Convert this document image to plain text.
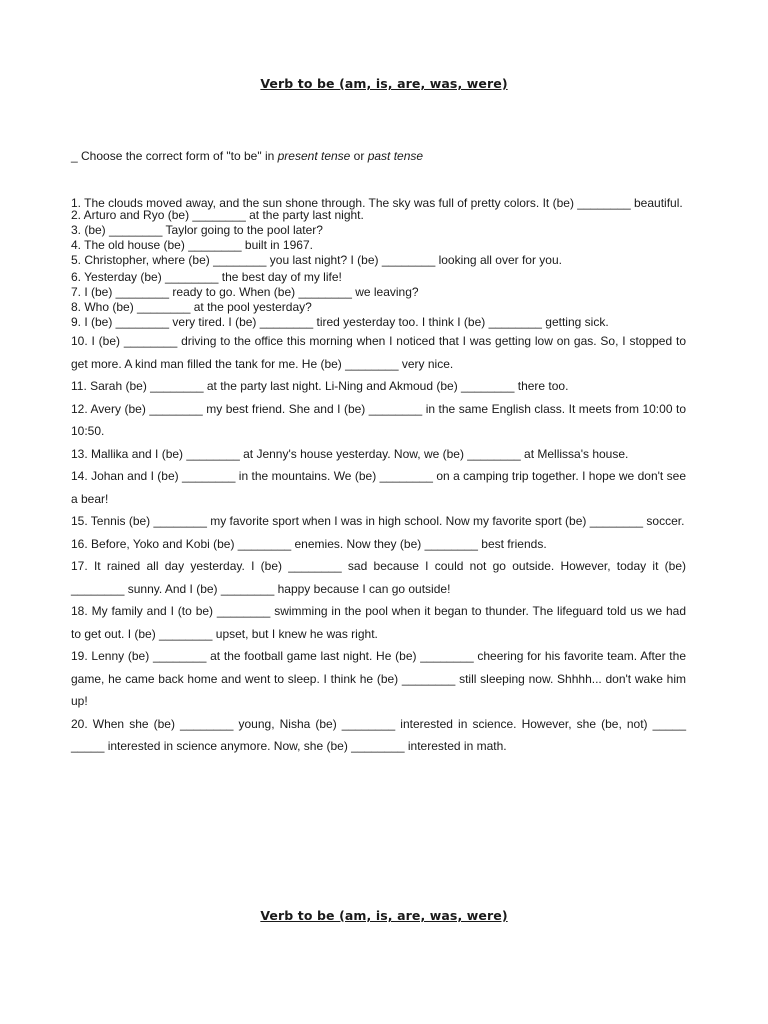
Verb to be (am, is, are, was, were)
_ Choose the correct form of "to be" in present tense or past tense

1. The clouds moved away, and the sun shone through. The sky was full of pretty colors. It (be) ________ beautiful.

2. Arturo and Ryo (be) ________ at the party last night.

3. (be) ________ Taylor going to the pool later?

4. The old house (be) ________ built in 1967.

5. Christopher, where (be) ________ you last night? I (be) ________ looking all over for you.

6. Yesterday (be) ________ the best day of my life!

7. I (be) ________ ready to go. When (be) ________ we leaving?

8. Who (be) ________ at the pool yesterday?

9. I (be) ________ very tired. I (be) ________ tired yesterday too. I think I (be) ________ getting sick.

10. I (be) ________ driving to the office this morning when I noticed that I was getting low on gas. So, I stopped to get more. A kind man filled the tank for me. He (be) ________ very nice.

11. Sarah (be) ________ at the party last night. Li-Ning and Akmoud (be) ________ there too.

12. Avery (be) ________ my best friend. She and I (be) ________ in the same English class. It meets from 10:00 to 10:50.

13. Mallika and I (be) ________ at Jenny's house yesterday. Now, we (be) ________ at Mellissa's house.

14. Johan and I (be) ________ in the mountains. We (be) ________ on a camping trip together. I hope we don't see a bear!

15. Tennis (be) ________ my favorite sport when I was in high school. Now my favorite sport (be) ________ soccer.

16. Before, Yoko and Kobi (be) ________ enemies. Now they (be) ________ best friends.

17. It rained all day yesterday. I (be) ________ sad because I could not go outside. However, today it (be) ________ sunny. And I (be) ________ happy because I can go outside!

18. My family and I (to be) ________ swimming in the pool when it began to thunder. The lifeguard told us we had to get out. I (be) ________ upset, but I knew he was right.

19. Lenny (be) ________ at the football game last night. He (be) ________ cheering for his favorite team. After the game, he came back home and went to sleep. I think he (be) ________ still sleeping now. Shhhh... don't wake him up!

20. When she (be) ________ young, Nisha (be) ________ interested in science. However, she (be, not) _____ _____ interested in science anymore. Now, she (be) ________ interested in math.

Verb to be (am, is, are, was, were)
